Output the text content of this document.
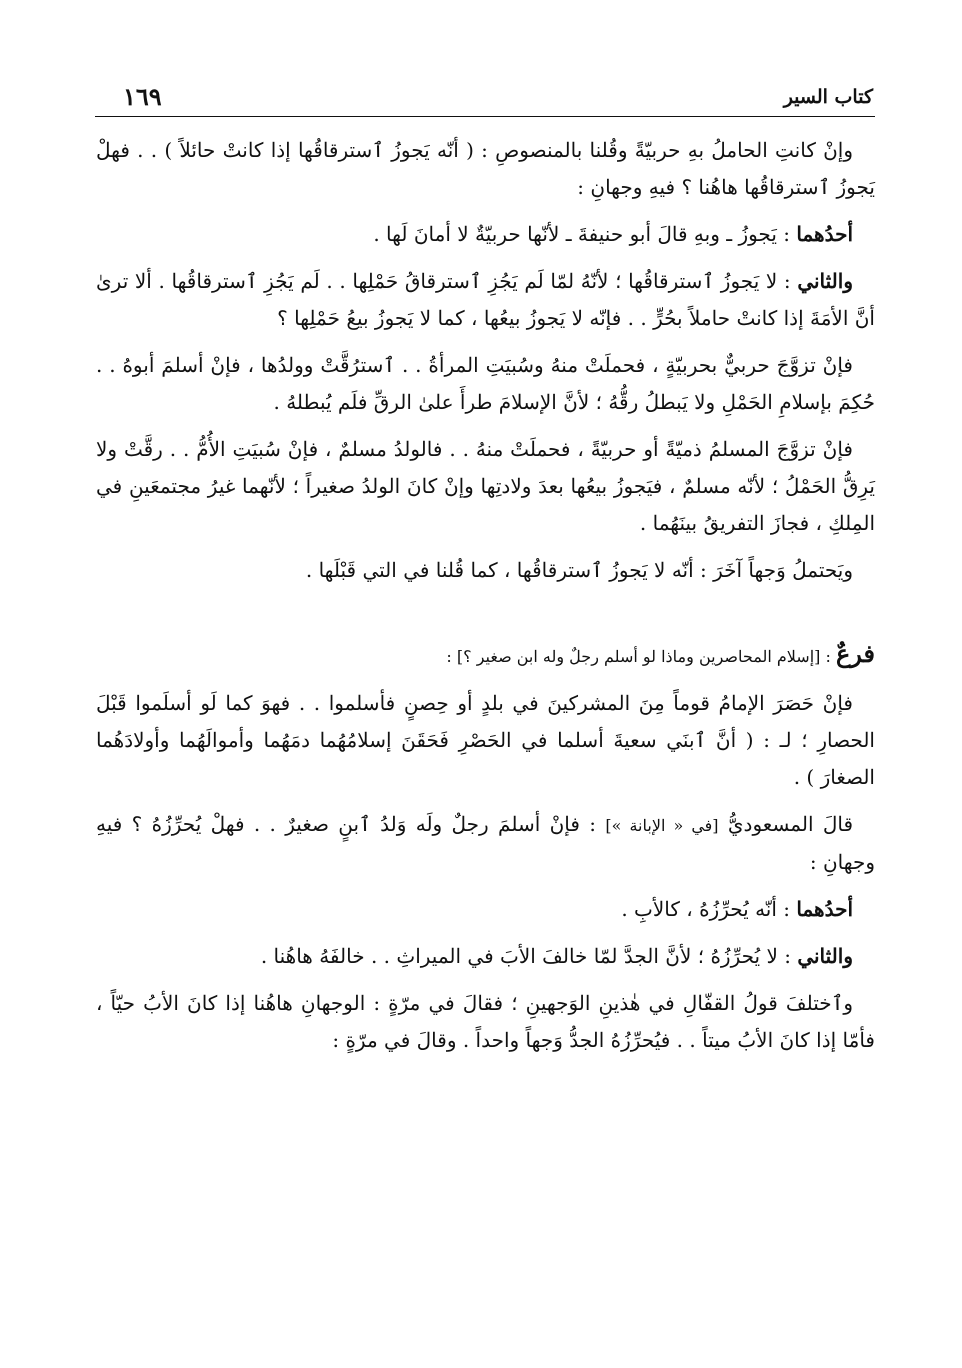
كتاب السير
١٦٩

وإنْ كانتِ الحاملُ بهِ حربيّةً وقُلنا بالمنصوصِ : ( أنّه يَجوزُ ٱسترقاقُها إذا كانتْ حائلاً ) . . فهلْ يَجوزُ ٱسترقاقُها هاهُنا ؟ فيهِ وجهانِ :

أحدُهما : يَجوزُ ـ وبهِ قالَ أبو حنيفةَ ـ لأنّها حربيّةٌ لا أمانَ لَها .

والثاني : لا يَجوزُ ٱسترقاقُها ؛ لأنّهُ لمّا لَم يَجُزِ ٱسترقاقُ حَمْلِها . . لَم يَجُزِ ٱسترقاقُها . ألا ترىٰ أنَّ الأمَةَ إذا كانتْ حاملاً بحُرٍّ . . فإنّه لا يَجوزُ بيعُها ، كما لا يَجوزُ بيعُ حَمْلِها ؟

فإنْ تزوَّجَ حربيٌّ بحربيّةٍ ، فحملَتْ منهُ وسُبيَتِ المرأةُ . . ٱسترُقَّتْ وولدُها ، فإنْ أسلمَ أبوهُ . . حُكِمَ بإسلامِ الحَمْلِ ولا يَبطلُ رقُّهُ ؛ لأنَّ الإسلامَ طرأَ علىٰ الرقِّ فلَم يُبطلهُ .

فإنْ تزوَّجَ المسلمُ ذميّةً أو حربيّةً ، فحملَتْ منهُ . . فالولدُ مسلمٌ ، فإنْ سُبيَتِ الأُمُّ . . رقَّتْ ولا يَرِقُّ الحَمْلُ ؛ لأنّه مسلمٌ ، فيَجوزُ بيعُها بعدَ ولادتِها وإنْ كانَ الولدُ صغيراً ؛ لأنّهما غيرُ مجتمعَينِ في المِلكِ ، فجازَ التفريقُ بينَهُما .

ويَحتملُ وَجهاً آخَرَ : أنّه لا يَجوزُ ٱسترقاقُها ، كما قُلنا في التي قَبْلَها .

فرعٌ : [إسلام المحاصرين وماذا لو أسلم رجلٌ وله ابن صغير ؟] :

فإنْ حَصَرَ الإمامُ قوماً مِنَ المشركينَ في بلدٍ أو حِصنٍ فأسلموا . . فهوَ كما لَو أسلَموا قَبْلَ الحصارِ ؛ لـ : ( أنَّ ٱبنَي سعيةَ أسلما في الحَصْرِ فَحَقَنَ إسلامُهُما دمَهُما وأموالَهُما وأولادَهُما الصغارَ ) .

قالَ المسعوديُّ [في « الإبانة »] : فإنْ أسلمَ رجلٌ ولَه وَلدُ ٱبنٍ صغيرٌ . . فهلْ يُحرِّزُهُ ؟ فيهِ وجهانِ :

أحدُهما : أنّه يُحرِّزُهُ ، كالأبِ .

والثاني : لا يُحرِّزُهُ ؛ لأنَّ الجدَّ لمّا خالفَ الأبَ في الميراثِ . . خالفَهُ هاهُنا .

وٱختلفَ قولُ القفّالِ في هٰذينِ الوَجهينِ ؛ فقالَ في مرّةٍ : الوجهانِ هاهُنا إذا كانَ الأبُ حيّاً ، فأمّا إذا كانَ الأبُ ميتاً . . فيُحرِّزُهُ الجدُّ وَجهاً واحداً . وقالَ في مرّةٍ :
